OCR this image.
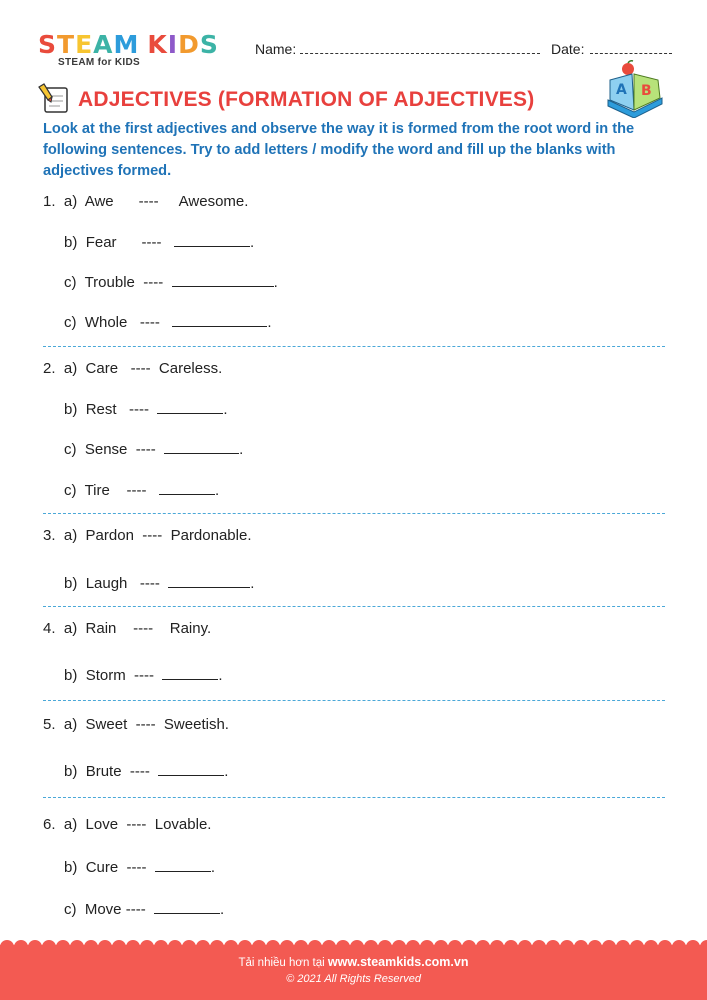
STEAM KIDS
STEAM for KIDS
Name:	Date:
ADJECTIVES (FORMATION OF ADJECTIVES)	A B
Look at the first adjectives and observe the way it is formed from the root word in the following sentences. Try to add letters / modify the word and fill up the blanks with adjectives formed.
1. a) Awe ---- Awesome.
b) Fear ----	.
c) Trouble ----	.
c) Whole ----	.
2. a) Care ---- Careless.
b) Rest ----	.
c) Sense ----	.
c) Tire ----	.
3. a) Pardon ---- Pardonable.
b) Laugh ----	.
4. a) Rain ---- Rainy.
b) Storm ----	.
5. a) Sweet ---- Sweetish.
b) Brute ----	.
6. a) Love ---- Lovable.
b) Cure ----	.
c) Move ----	.
Tải nhiều hơn tại www.steamkids.com.vn
© 2021 All Rights Reserved
